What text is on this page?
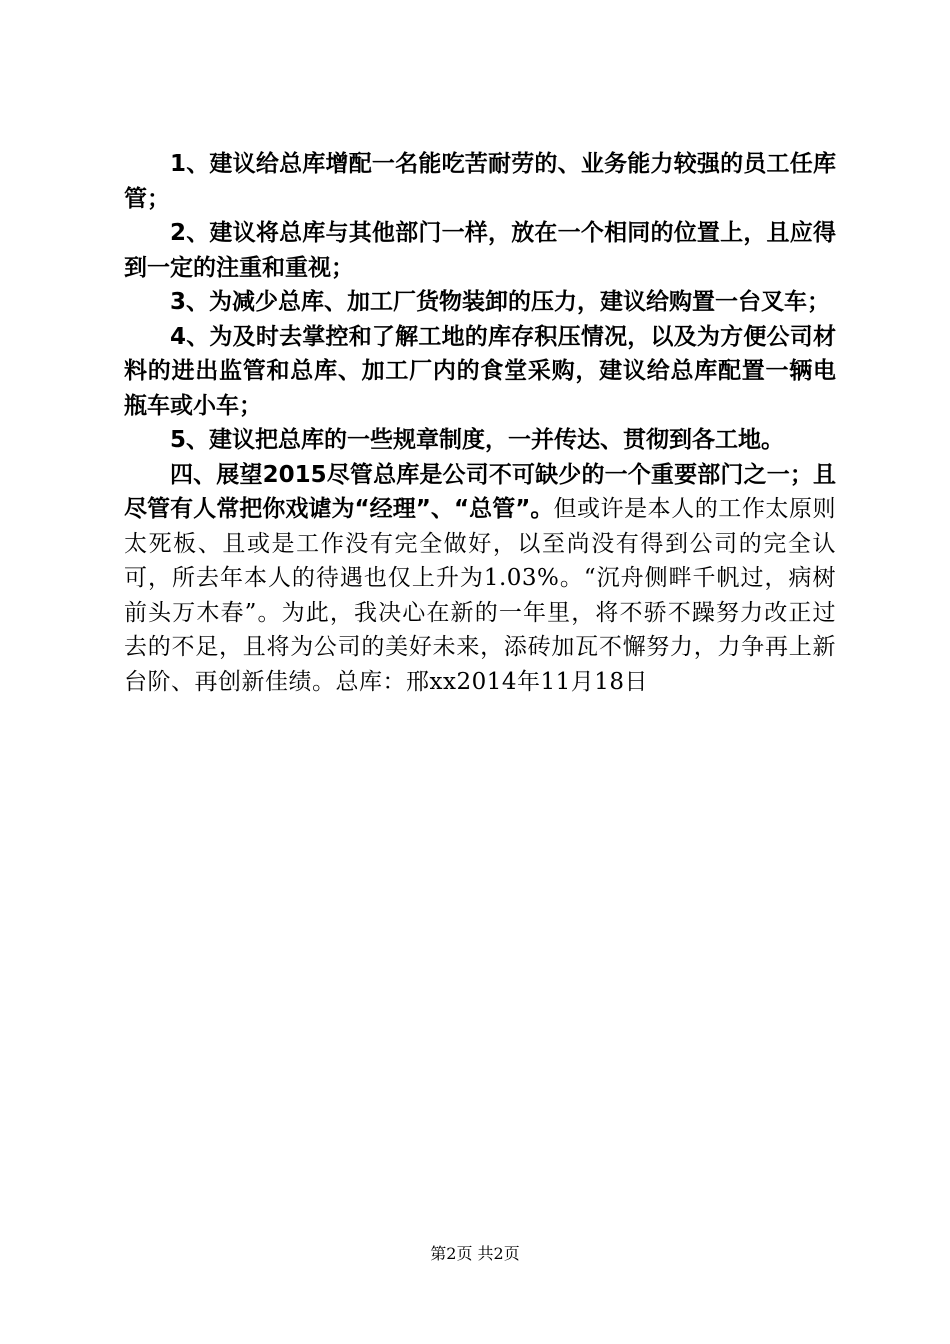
1、建议给总库增配一名能吃苦耐劳的、业务能力较强的员工任库管；

2、建议将总库与其他部门一样，放在一个相同的位置上，且应得到一定的注重和重视；

3、为减少总库、加工厂货物装卸的压力，建议给购置一台叉车；

4、为及时去掌控和了解工地的库存积压情况，以及为方便公司材料的进出监管和总库、加工厂内的食堂采购，建议给总库配置一辆电瓶车或小车；

5、建议把总库的一些规章制度，一并传达、贯彻到各工地。

四、展望2015尽管总库是公司不可缺少的一个重要部门之一；且尽管有人常把你戏谑为“经理”、“总管”。但或许是本人的工作太原则太死板、且或是工作没有完全做好，以至尚没有得到公司的完全认可，所去年本人的待遇也仅上升为1.03%。“沉舟侧畔千帆过，病树前头万木春”。为此，我决心在新的一年里，将不骄不躁努力改正过去的不足，且将为公司的美好未来，添砖加瓦不懈努力，力争再上新台阶、再创新佳绩。总库：邢xx2014年11月18日

第2页 共2页
